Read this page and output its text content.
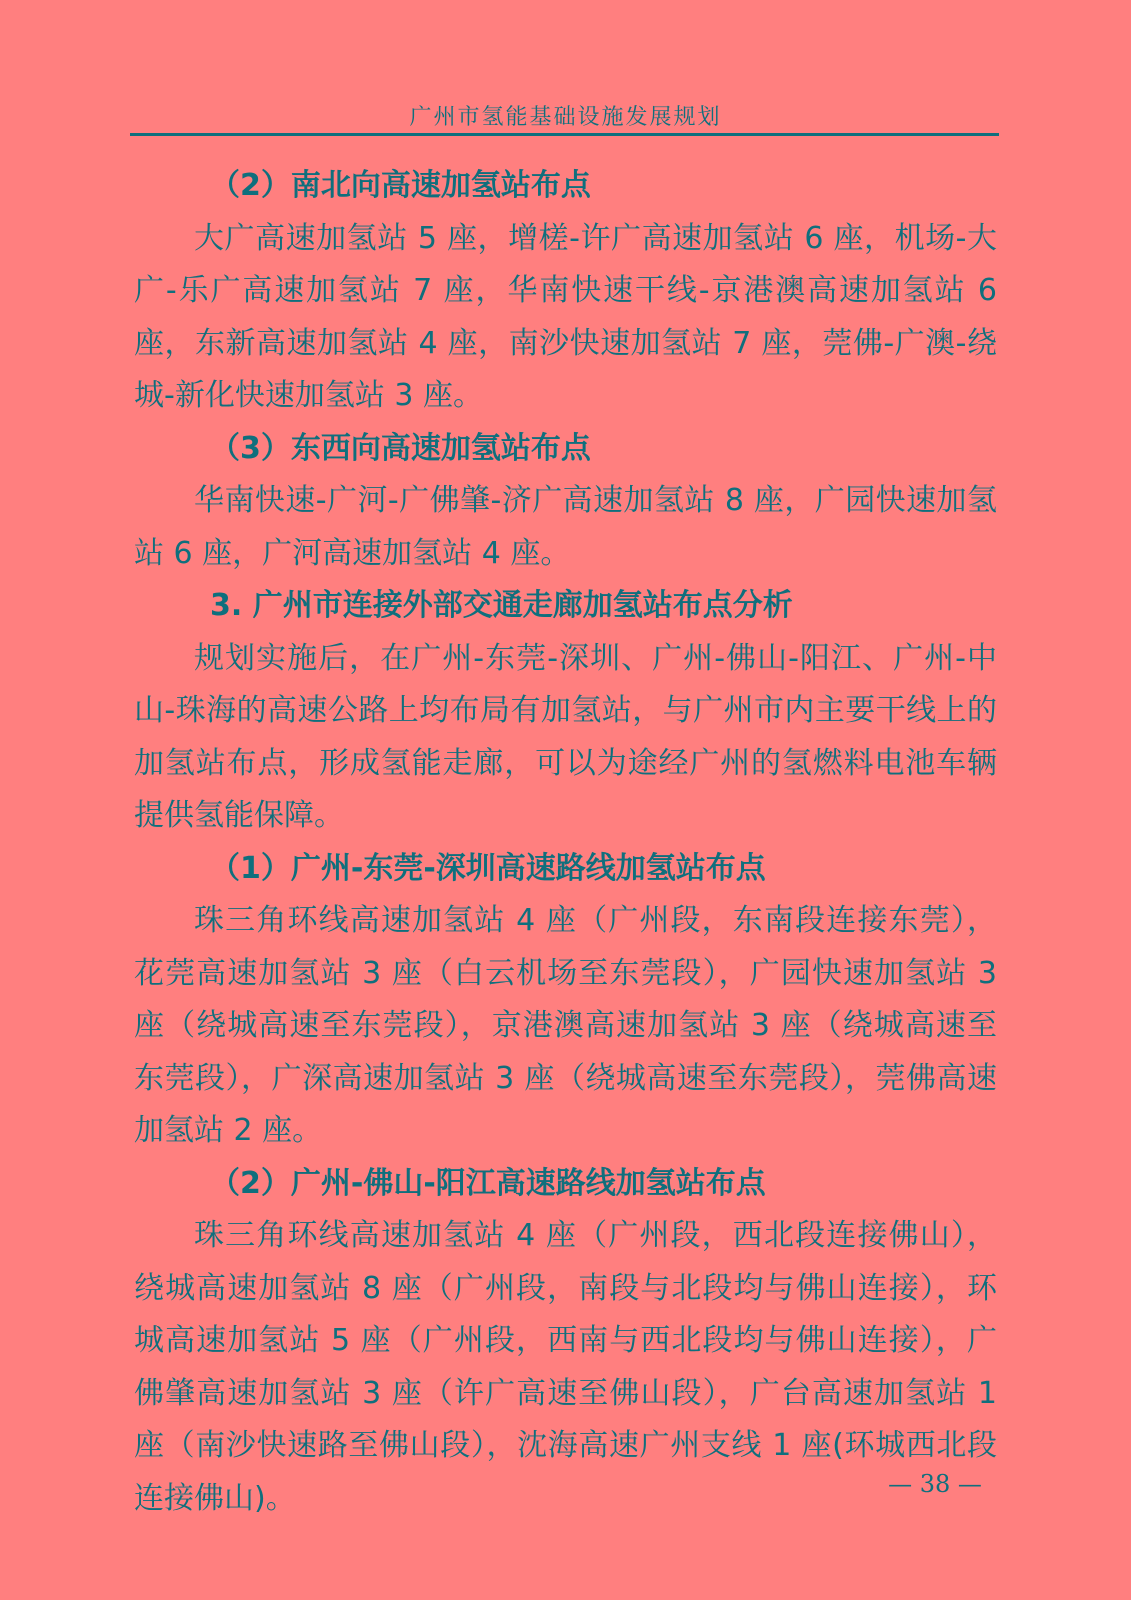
广州市氢能基础设施发展规划

（2）南北向高速加氢站布点

大广高速加氢站 5 座，增槎-许广高速加氢站 6 座，机场-大广-乐广高速加氢站 7 座，华南快速干线-京港澳高速加氢站 6 座，东新高速加氢站 4 座，南沙快速加氢站 7 座，莞佛-广澳-绕城-新化快速加氢站 3 座。

（3）东西向高速加氢站布点

华南快速-广河-广佛肇-济广高速加氢站 8 座，广园快速加氢站 6 座，广河高速加氢站 4 座。

3. 广州市连接外部交通走廊加氢站布点分析

规划实施后，在广州-东莞-深圳、广州-佛山-阳江、广州-中山-珠海的高速公路上均布局有加氢站，与广州市内主要干线上的加氢站布点，形成氢能走廊，可以为途经广州的氢燃料电池车辆提供氢能保障。

（1）广州-东莞-深圳高速路线加氢站布点

珠三角环线高速加氢站 4 座（广州段，东南段连接东莞），花莞高速加氢站 3 座（白云机场至东莞段），广园快速加氢站 3 座（绕城高速至东莞段），京港澳高速加氢站 3 座（绕城高速至东莞段），广深高速加氢站 3 座（绕城高速至东莞段），莞佛高速加氢站 2 座。

（2）广州-佛山-阳江高速路线加氢站布点

珠三角环线高速加氢站 4 座（广州段，西北段连接佛山），绕城高速加氢站 8 座（广州段，南段与北段均与佛山连接），环城高速加氢站 5 座（广州段，西南与西北段均与佛山连接），广佛肇高速加氢站 3 座（许广高速至佛山段），广台高速加氢站 1 座（南沙快速路至佛山段），沈海高速广州支线 1 座(环城西北段连接佛山)。	— 38 —
